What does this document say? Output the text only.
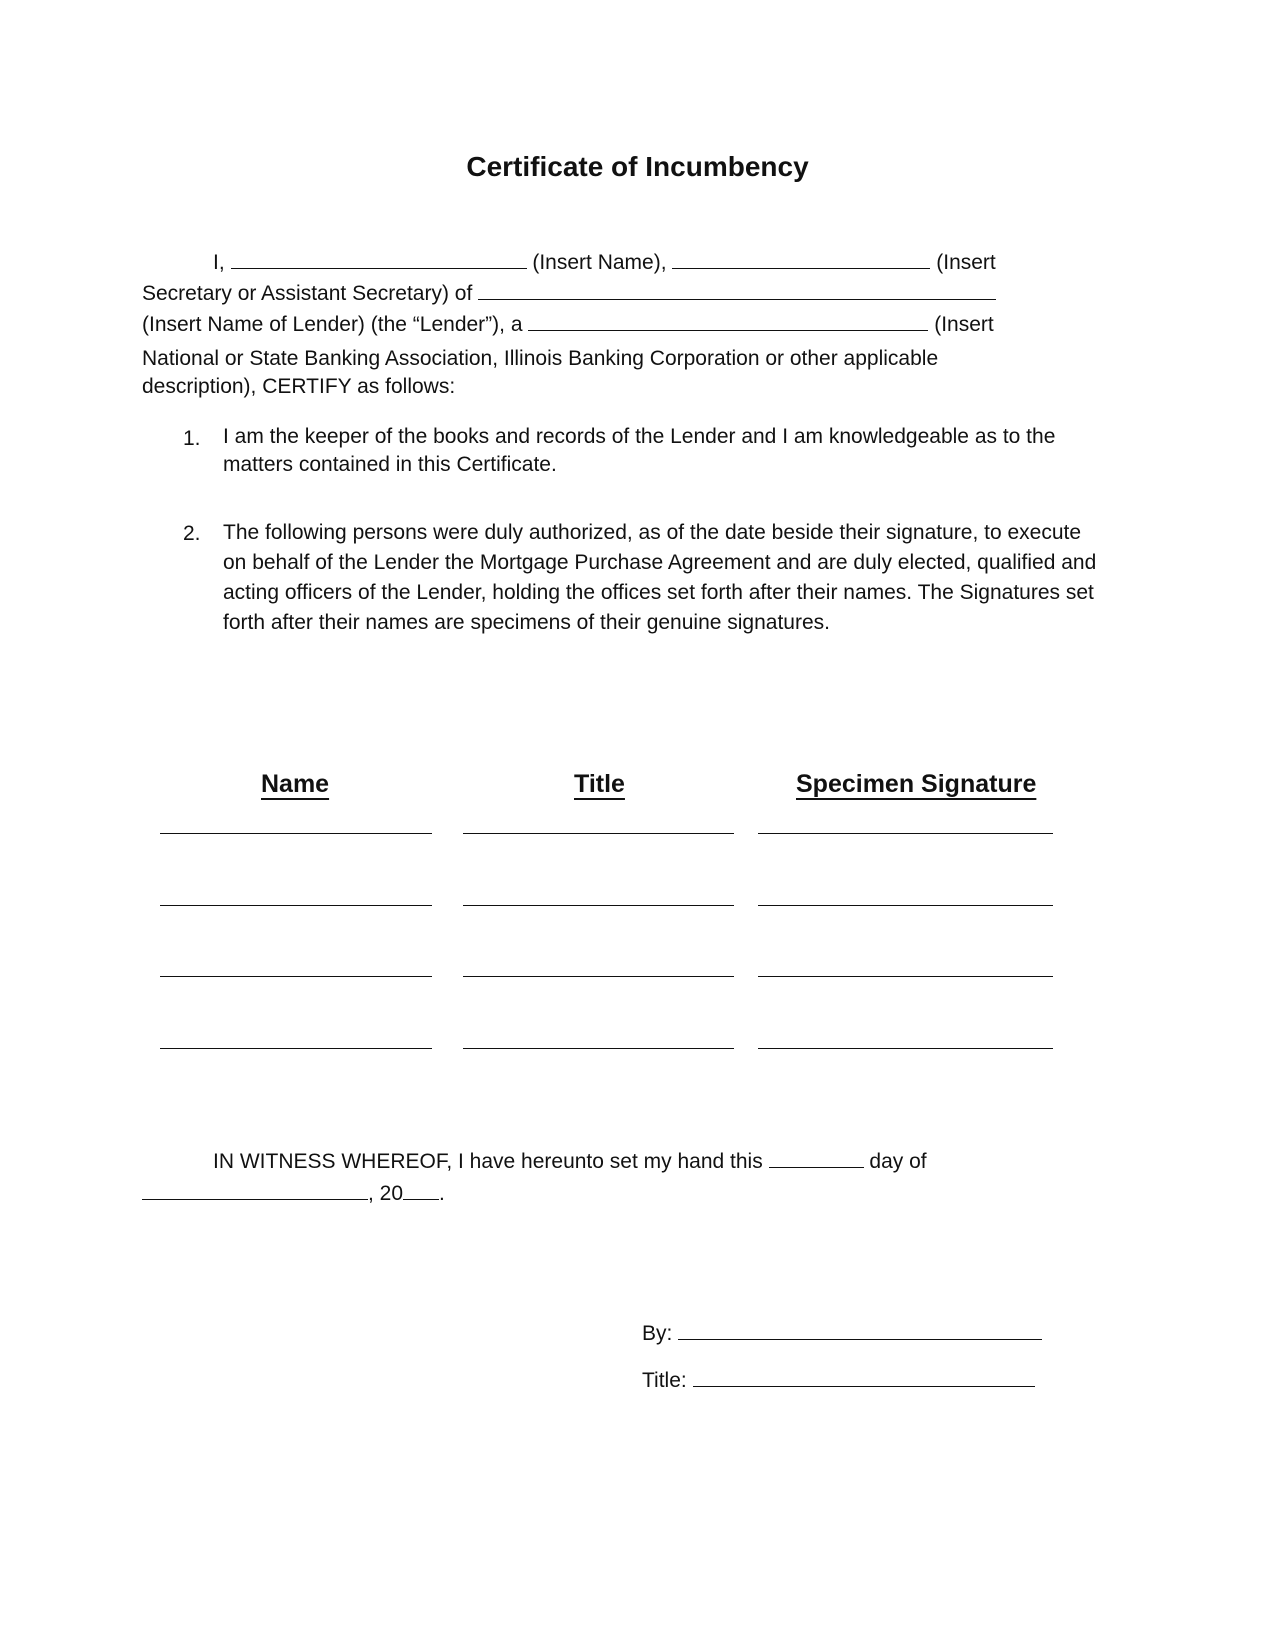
Certificate of Incumbency
I,	(Insert Name),	(Insert
Secretary or Assistant Secretary) of
(Insert Name of Lender) (the “Lender”), a	(Insert
National or State Banking Association, Illinois Banking Corporation or other applicable
description), CERTIFY as follows:
1. I am the keeper of the books and records of the Lender and I am knowledgeable as to the matters contained in this Certificate.
2. The following persons were duly authorized, as of the date beside their signature, to execute on behalf of the Lender the Mortgage Purchase Agreement and are duly elected, qualified and acting officers of the Lender, holding the offices set forth after their names. The Signatures set forth after their names are specimens of their genuine signatures.
Name	Title	Specimen Signature
IN WITNESS WHEREOF, I have hereunto set my hand this	day of
, 20 .
By:
Title:
